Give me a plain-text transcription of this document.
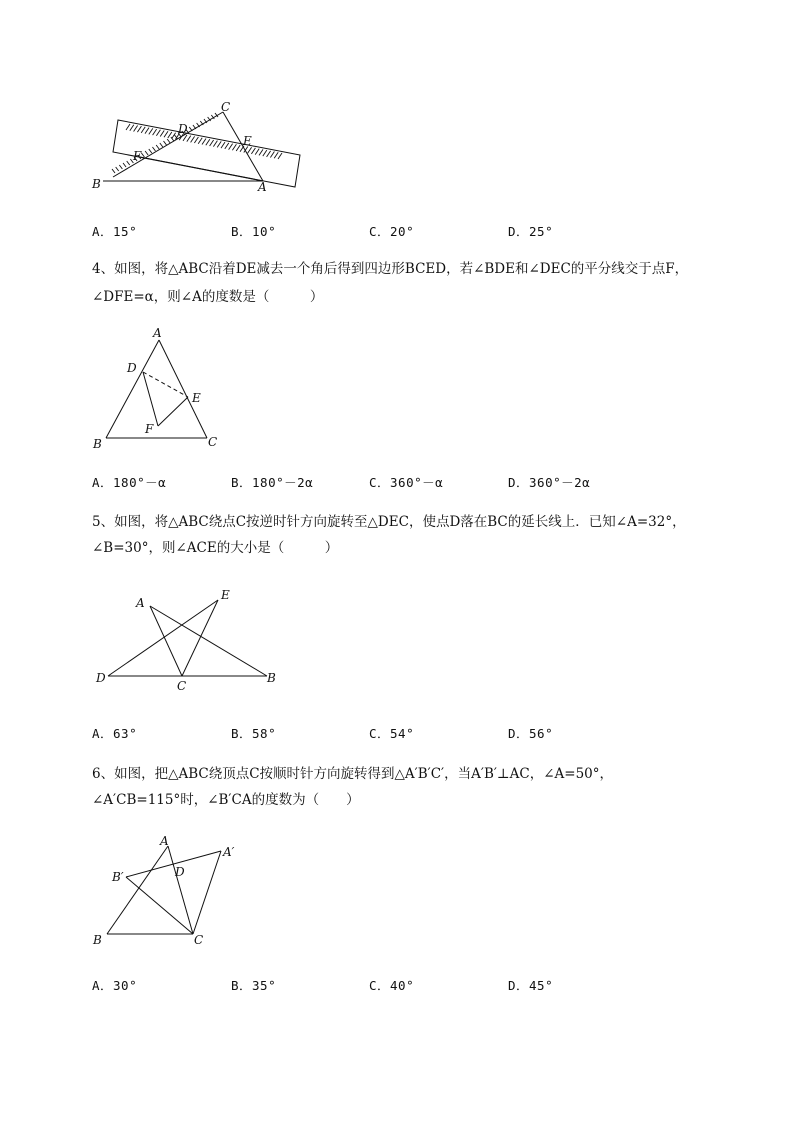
C
D
E
F
B	A
A．15°	B．10°	C．20°	D．25°
4、如图，将△ABC沿着DE减去一个角后得到四边形BCED，若∠BDE和∠DEC的平分线交于点F，
∠DFE=α，则∠A的度数是（　　　）
A
D
E
F
B	C
A．180°－α	B．180°－2α	C．360°－α	D．360°－2α
5、如图，将△ABC绕点C按逆时针方向旋转至△DEC，使点D落在BC的延长线上．已知∠A=32°，
∠B=30°，则∠ACE的大小是（　　　）
A
E
D
C
B
A．63°	B．58°	C．54°	D．56°
6、如图，把△ABC绕顶点C按顺时针方向旋转得到△A′B′C′，当A′B′⊥AC，∠A=50°，
∠A′CB=115°时，∠B′CA的度数为（　　）
A
A′
B′	D
B	C
A．30°	B．35°	C．40°	D．45°
